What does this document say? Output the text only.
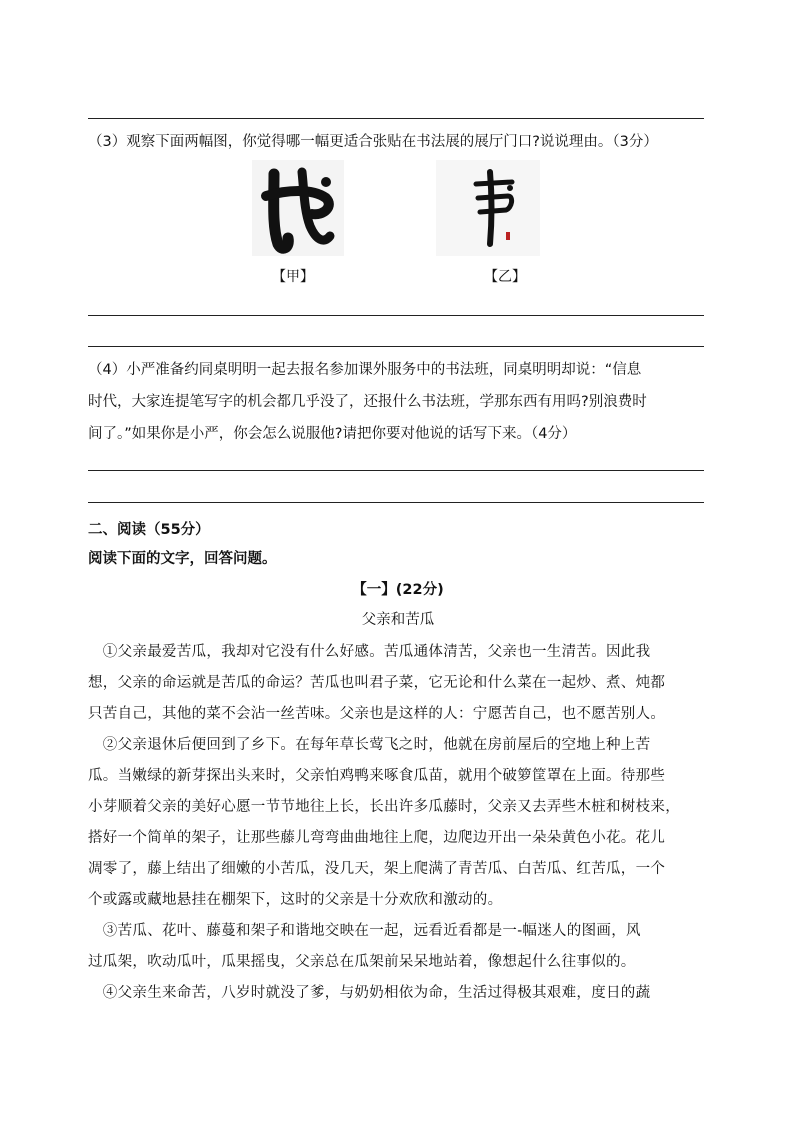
（3）观察下面两幅图，你觉得哪一幅更适合张贴在书法展的展厅门口?说说理由。（3分）
书
【甲】	【乙】
（4）小严准备约同桌明明一起去报名参加课外服务中的书法班，同桌明明却说：“信息
时代，大家连提笔写字的机会都几乎没了，还报什么书法班，学那东西有用吗?别浪费时
间了。”如果你是小严，你会怎么说服他?请把你要对他说的话写下来。（4分）
二、阅读（55分）
阅读下面的文字，回答问题。
【一】(22分)
父亲和苦瓜
　①父亲最爱苦瓜，我却对它没有什么好感。苦瓜通体清苦，父亲也一生清苦。因此我
想，父亲的命运就是苦瓜的命运？苦瓜也叫君子菜，它无论和什么菜在一起炒、煮、炖都
只苦自己，其他的菜不会沾一丝苦味。父亲也是这样的人：宁愿苦自己，也不愿苦别人。
　②父亲退休后便回到了乡下。在每年草长莺飞之时，他就在房前屋后的空地上种上苦
瓜。当嫩绿的新芽探出头来时，父亲怕鸡鸭来啄食瓜苗，就用个破箩筐罩在上面。待那些
小芽顺着父亲的美好心愿一节节地往上长，长出许多瓜藤时，父亲又去弄些木桩和树枝来，
搭好一个简单的架子，让那些藤儿弯弯曲曲地往上爬，边爬边开出一朵朵黄色小花。花儿
凋零了，藤上结出了细嫩的小苦瓜，没几天，架上爬满了青苦瓜、白苦瓜、红苦瓜，一个
个或露或藏地悬挂在棚架下，这时的父亲是十分欢欣和激动的。
　③苦瓜、花叶、藤蔓和架子和谐地交映在一起，远看近看都是一-幅迷人的图画，风
过瓜架，吹动瓜叶，瓜果摇曳，父亲总在瓜架前呆呆地站着，像想起什么往事似的。
　④父亲生来命苦，八岁时就没了爹，与奶奶相依为命，生活过得极其艰难，度日的蔬
